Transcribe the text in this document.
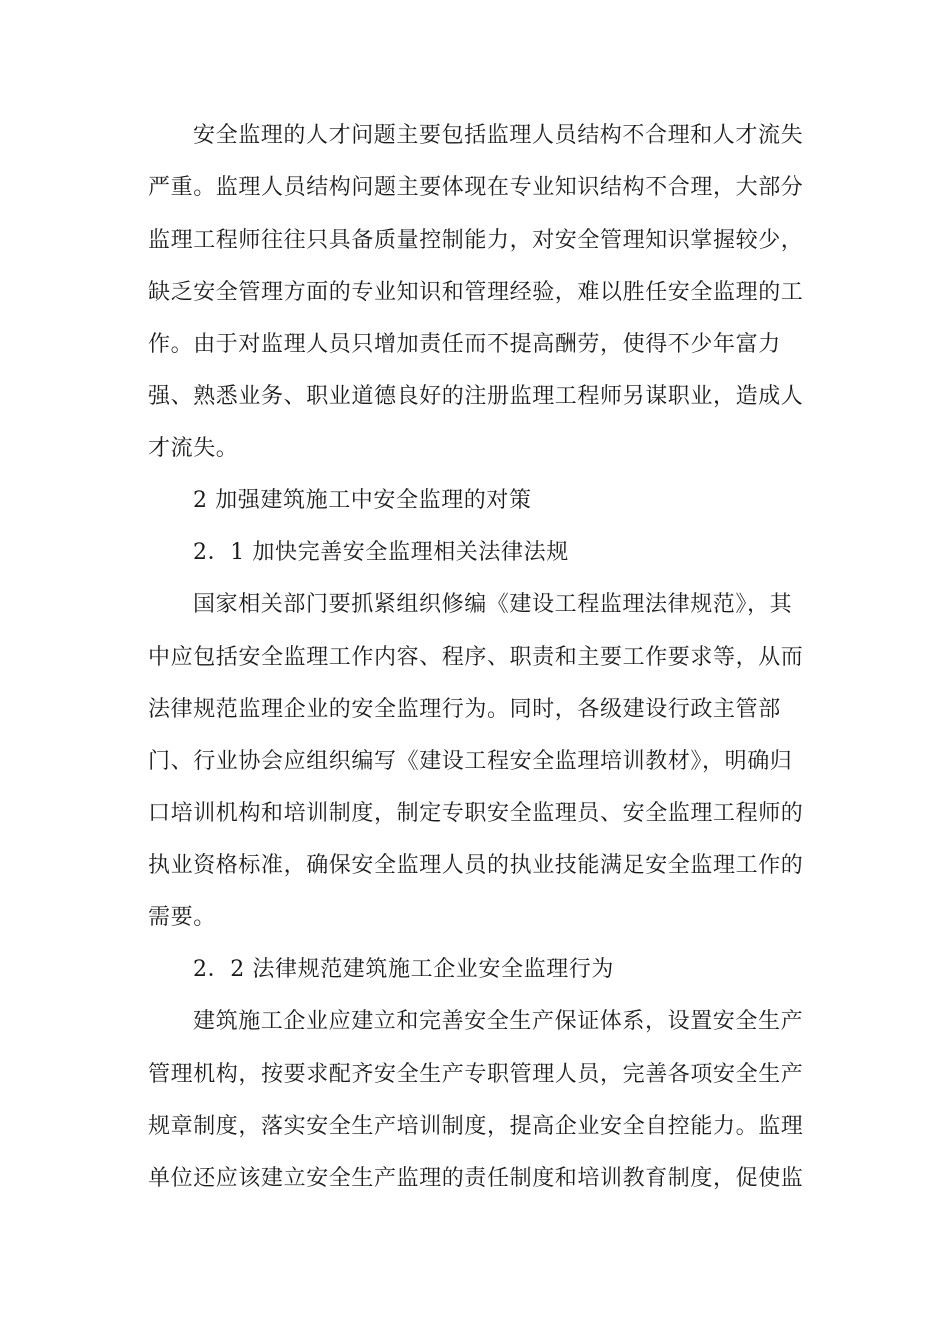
安全监理的人才问题主要包括监理人员结构不合理和人才流失
严重。监理人员结构问题主要体现在专业知识结构不合理，大部分
监理工程师往往只具备质量控制能力，对安全管理知识掌握较少，
缺乏安全管理方面的专业知识和管理经验，难以胜任安全监理的工
作。由于对监理人员只增加责任而不提高酬劳，使得不少年富力
强、熟悉业务、职业道德良好的注册监理工程师另谋职业，造成人
才流失。
2 加强建筑施工中安全监理的对策
2．1 加快完善安全监理相关法律法规
国家相关部门要抓紧组织修编《建设工程监理法律规范》，其
中应包括安全监理工作内容、程序、职责和主要工作要求等，从而
法律规范监理企业的安全监理行为。同时，各级建设行政主管部
门、行业协会应组织编写《建设工程安全监理培训教材》，明确归
口培训机构和培训制度，制定专职安全监理员、安全监理工程师的
执业资格标准，确保安全监理人员的执业技能满足安全监理工作的
需要。
2．2 法律规范建筑施工企业安全监理行为
建筑施工企业应建立和完善安全生产保证体系，设置安全生产
管理机构，按要求配齐安全生产专职管理人员，完善各项安全生产
规章制度，落实安全生产培训制度，提高企业安全自控能力。监理
单位还应该建立安全生产监理的责任制度和培训教育制度，促使监
